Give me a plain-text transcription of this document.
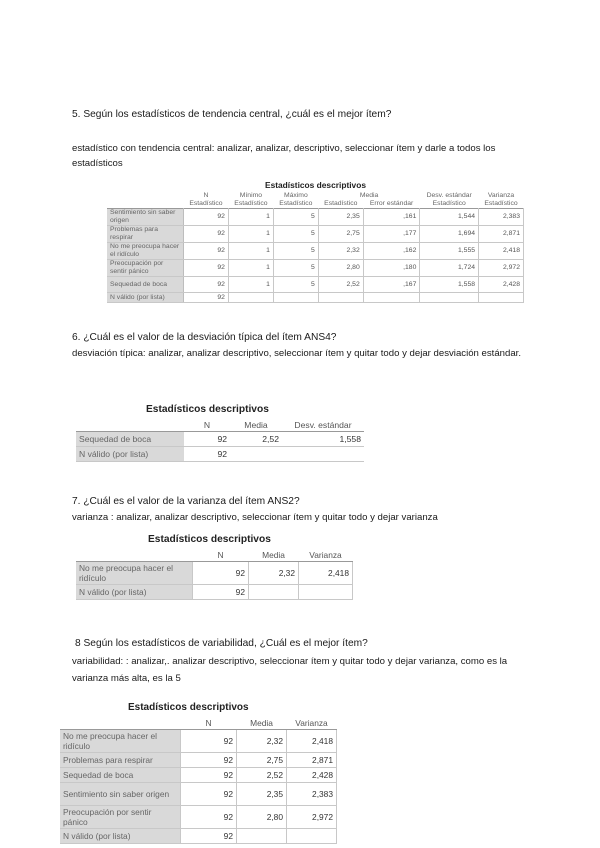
5. Según los estadísticos de tendencia central, ¿cuál es el mejor ítem?
estadístico con tendencia central: analizar, analizar, descriptivo, seleccionar ítem y darle a todos los estadísticos
Estadísticos descriptivos
	N	Mínimo	Máximo	Media		Desv. estándar	Varianza
	Estadístico	Estadístico	Estadístico	Estadístico	Error estándar	Estadístico	Estadístico
Sentimiento sin saber origen	92	1	5	2,35	,161	1,544	2,383
Problemas para respirar	92	1	5	2,75	,177	1,694	2,871
No me preocupa hacer el ridículo	92	1	5	2,32	,162	1,555	2,418
Preocupación por sentir pánico	92	1	5	2,80	,180	1,724	2,972
Sequedad de boca	92	1	5	2,52	,167	1,558	2,428
N válido (por lista)	92						
6. ¿Cuál es el valor de la desviación típica del ítem ANS4?
desviación típica: analizar, analizar descriptivo, seleccionar ítem y quitar todo y dejar desviación estándar.
Estadísticos descriptivos
	N	Media	Desv. estándar
Sequedad de boca	92	2,52	1,558
N válido (por lista)	92		
7. ¿Cuál es el valor de la varianza del ítem ANS2?
varianza : analizar, analizar descriptivo, seleccionar ítem y quitar todo y dejar varianza
Estadísticos descriptivos
	N	Media	Varianza
No me preocupa hacer el ridículo	92	2,32	2,418
N válido (por lista)	92		
8 Según los estadísticos de variabilidad, ¿Cuál es el mejor ítem?
variabilidad: : analizar,. analizar descriptivo, seleccionar ítem y quitar todo y dejar varianza, como es la varianza más alta, es la 5
Estadísticos descriptivos
	N	Media	Varianza
No me preocupa hacer el ridículo	92	2,32	2,418
Problemas para respirar	92	2,75	2,871
Sequedad de boca	92	2,52	2,428
Sentimiento sin saber origen	92	2,35	2,383
Preocupación por sentir pánico	92	2,80	2,972
N válido (por lista)	92		
